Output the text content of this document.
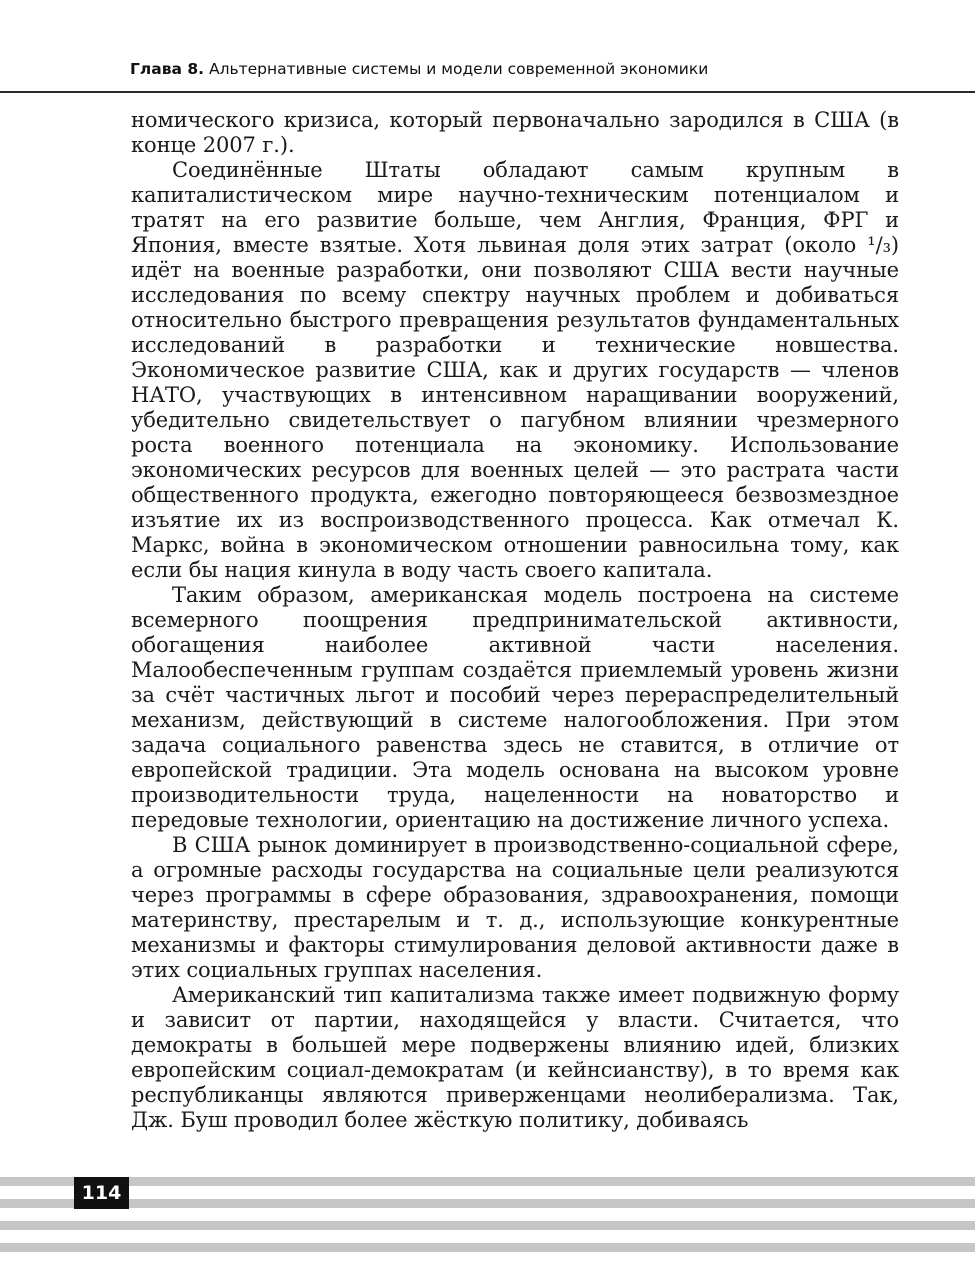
Глава 8. Альтернативные системы и модели современной экономики

номического кризиса, который первоначально зародился в США (в конце 2007 г.).

Соединённые Штаты обладают самым крупным в капиталистическом мире научно-техническим потенциалом и тратят на его развитие больше, чем Англия, Франция, ФРГ и Япония, вместе взятые. Хотя львиная доля этих затрат (около ¹/₃) идёт на военные разработки, они позволяют США вести научные исследования по всему спектру научных проблем и добиваться относительно быстрого превращения результатов фундаментальных исследований в разработки и технические новшества. Экономическое развитие США, как и других государств — членов НАТО, участвующих в интенсивном наращивании вооружений, убедительно свидетельствует о пагубном влиянии чрезмерного роста военного потенциала на экономику. Использование экономических ресурсов для военных целей — это растрата части общественного продукта, ежегодно повторяющееся безвозмездное изъятие их из воспроизводственного процесса. Как отмечал К. Маркс, война в экономическом отношении равносильна тому, как если бы нация кинула в воду часть своего капитала.

Таким образом, американская модель построена на системе всемерного поощрения предпринимательской активности, обогащения наиболее активной части населения. Малообеспеченным группам создаётся приемлемый уровень жизни за счёт частичных льгот и пособий через перераспределительный механизм, действующий в системе налогообложения. При этом задача социального равенства здесь не ставится, в отличие от европейской традиции. Эта модель основана на высоком уровне производительности труда, нацеленности на новаторство и передовые технологии, ориентацию на достижение личного успеха.

В США рынок доминирует в производственно-социальной сфере, а огромные расходы государства на социальные цели реализуются через программы в сфере образования, здравоохранения, помощи материнству, престарелым и т. д., использующие конкурентные механизмы и факторы стимулирования деловой активности даже в этих социальных группах населения.

Американский тип капитализма также имеет подвижную форму и зависит от партии, находящейся у власти. Считается, что демократы в большей мере подвержены влиянию идей, близких европейским социал-демократам (и кейнсианству), в то время как республиканцы являются приверженцами неолиберализма. Так, Дж. Буш проводил более жёсткую политику, добиваясь

114
